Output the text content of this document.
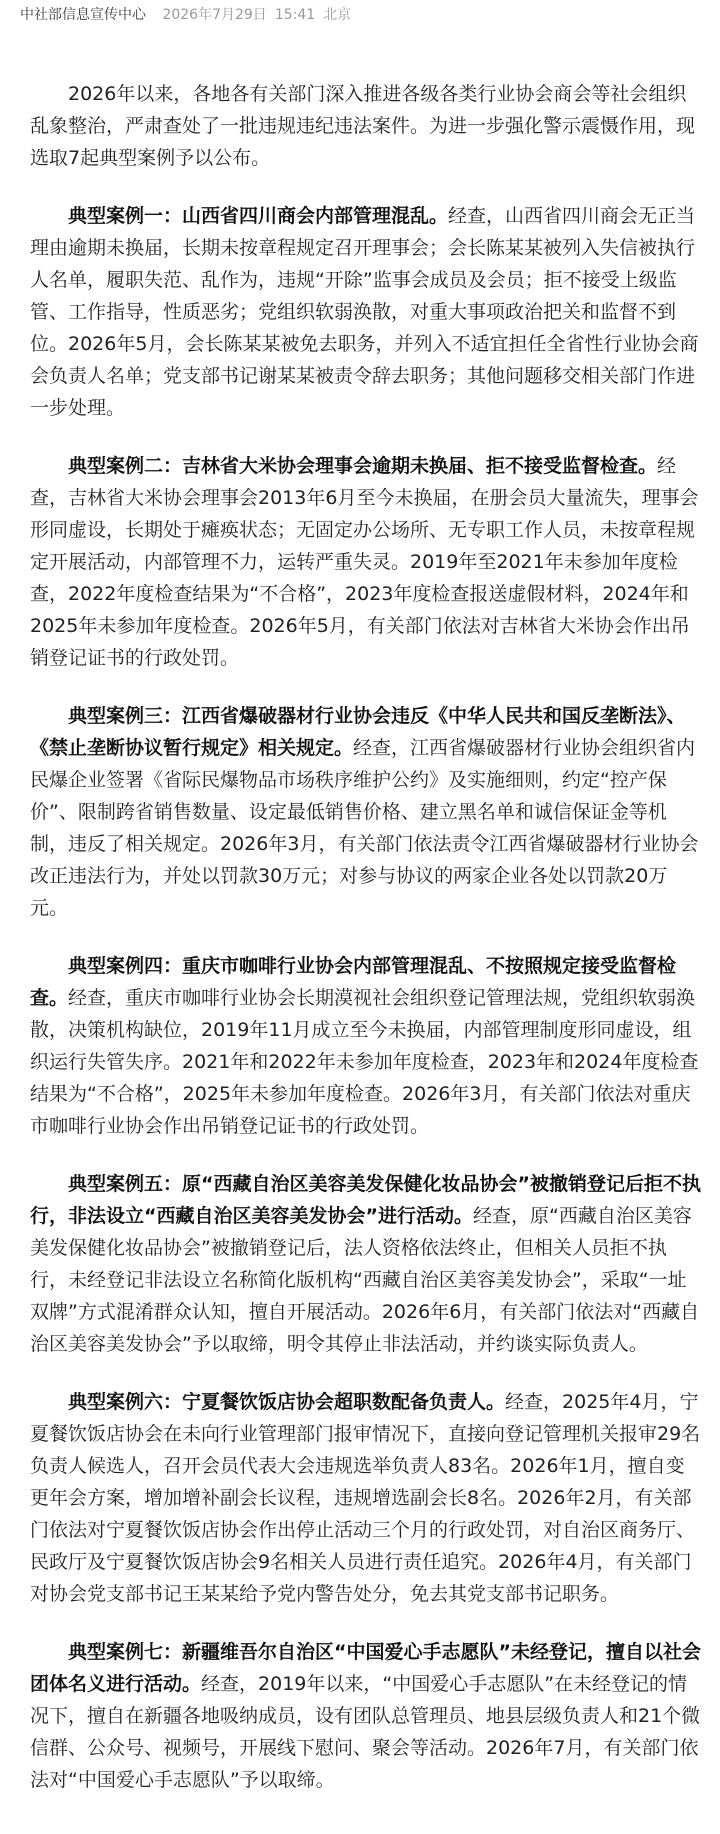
中社部信息宣传中心 2026年7月29日 15:41 北京

2026年以来，各地各有关部门深入推进各级各类行业协会商会等社会组织乱象整治，严肃查处了一批违规违纪违法案件。为进一步强化警示震慑作用，现选取7起典型案例予以公布。

典型案例一：山西省四川商会内部管理混乱。经查，山西省四川商会无正当理由逾期未换届，长期未按章程规定召开理事会；会长陈某某被列入失信被执行人名单，履职失范、乱作为，违规“开除”监事会成员及会员；拒不接受上级监管、工作指导，性质恶劣；党组织软弱涣散，对重大事项政治把关和监督不到位。2026年5月，会长陈某某被免去职务，并列入不适宜担任全省性行业协会商会负责人名单；党支部书记谢某某被责令辞去职务；其他问题移交相关部门作进一步处理。

典型案例二：吉林省大米协会理事会逾期未换届、拒不接受监督检查。经查，吉林省大米协会理事会2013年6月至今未换届，在册会员大量流失，理事会形同虚设，长期处于瘫痪状态；无固定办公场所、无专职工作人员，未按章程规定开展活动，内部管理不力，运转严重失灵。2019年至2021年未参加年度检查，2022年度检查结果为“不合格”，2023年度检查报送虚假材料，2024年和2025年未参加年度检查。2026年5月，有关部门依法对吉林省大米协会作出吊销登记证书的行政处罚。

典型案例三：江西省爆破器材行业协会违反《中华人民共和国反垄断法》、《禁止垄断协议暂行规定》相关规定。经查，江西省爆破器材行业协会组织省内民爆企业签署《省际民爆物品市场秩序维护公约》及实施细则，约定“控产保价”、限制跨省销售数量、设定最低销售价格、建立黑名单和诚信保证金等机制，违反了相关规定。2026年3月，有关部门依法责令江西省爆破器材行业协会改正违法行为，并处以罚款30万元；对参与协议的两家企业各处以罚款20万元。

典型案例四：重庆市咖啡行业协会内部管理混乱、不按照规定接受监督检查。经查，重庆市咖啡行业协会长期漠视社会组织登记管理法规，党组织软弱涣散，决策机构缺位，2019年11月成立至今未换届，内部管理制度形同虚设，组织运行失管失序。2021年和2022年未参加年度检查，2023年和2024年度检查结果为“不合格”，2025年未参加年度检查。2026年3月，有关部门依法对重庆市咖啡行业协会作出吊销登记证书的行政处罚。

典型案例五：原“西藏自治区美容美发保健化妆品协会”被撤销登记后拒不执行，非法设立“西藏自治区美容美发协会”进行活动。经查，原“西藏自治区美容美发保健化妆品协会”被撤销登记后，法人资格依法终止，但相关人员拒不执行，未经登记非法设立名称简化版机构“西藏自治区美容美发协会”，采取“一址双牌”方式混淆群众认知，擅自开展活动。2026年6月，有关部门依法对“西藏自治区美容美发协会”予以取缔，明令其停止非法活动，并约谈实际负责人。

典型案例六：宁夏餐饮饭店协会超职数配备负责人。经查，2025年4月，宁夏餐饮饭店协会在未向行业管理部门报审情况下，直接向登记管理机关报审29名负责人候选人，召开会员代表大会违规选举负责人83名。2026年1月，擅自变更年会方案，增加增补副会长议程，违规增选副会长8名。2026年2月，有关部门依法对宁夏餐饮饭店协会作出停止活动三个月的行政处罚，对自治区商务厅、民政厅及宁夏餐饮饭店协会9名相关人员进行责任追究。2026年4月，有关部门对协会党支部书记王某某给予党内警告处分，免去其党支部书记职务。

典型案例七：新疆维吾尔自治区“中国爱心手志愿队”未经登记，擅自以社会团体名义进行活动。经查，2019年以来，“中国爱心手志愿队”在未经登记的情况下，擅自在新疆各地吸纳成员，设有团队总管理员、地县层级负责人和21个微信群、公众号、视频号，开展线下慰问、聚会等活动。2026年7月，有关部门依法对“中国爱心手志愿队”予以取缔。
